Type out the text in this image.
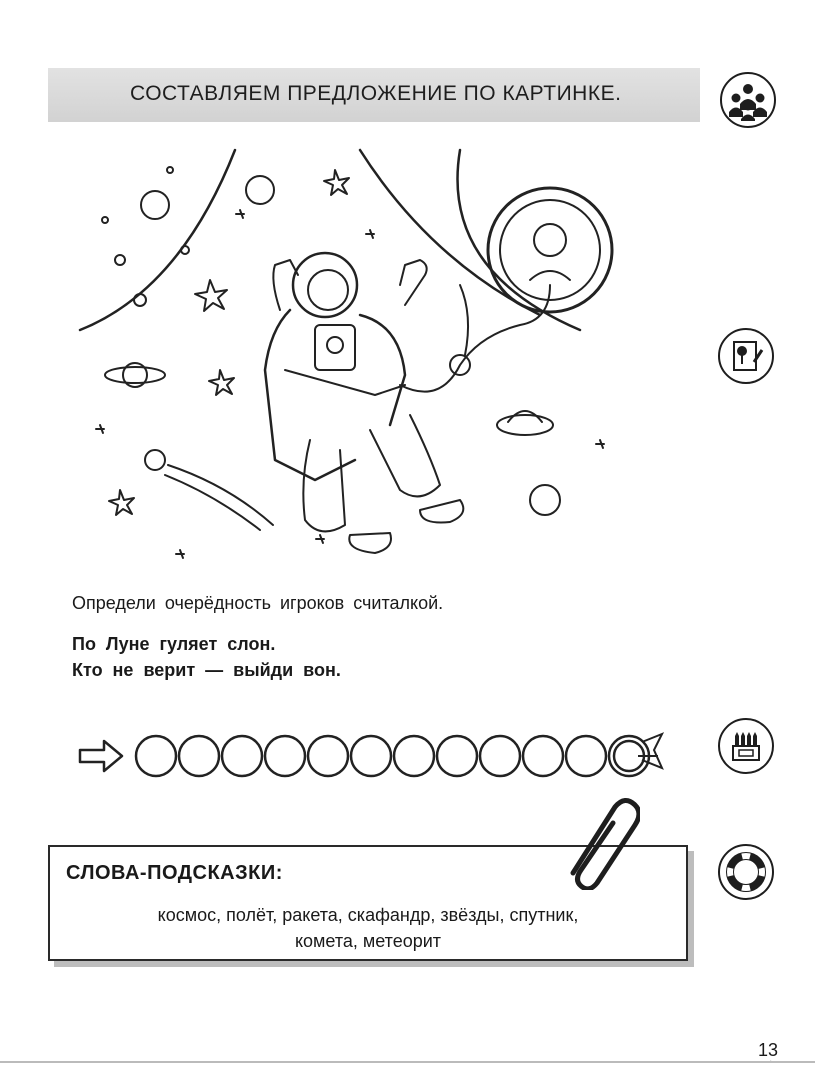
СОСТАВЛЯЕМ ПРЕДЛОЖЕНИЕ ПО КАРТИНКЕ.
Определи очерёдность игроков считалкой.
По Луне гуляет слон.
Кто не верит — выйди вон.
СЛОВА-ПОДСКАЗКИ:
космос, полёт, ракета, скафандр, звёзды, спутник,
комета, метеорит
13
